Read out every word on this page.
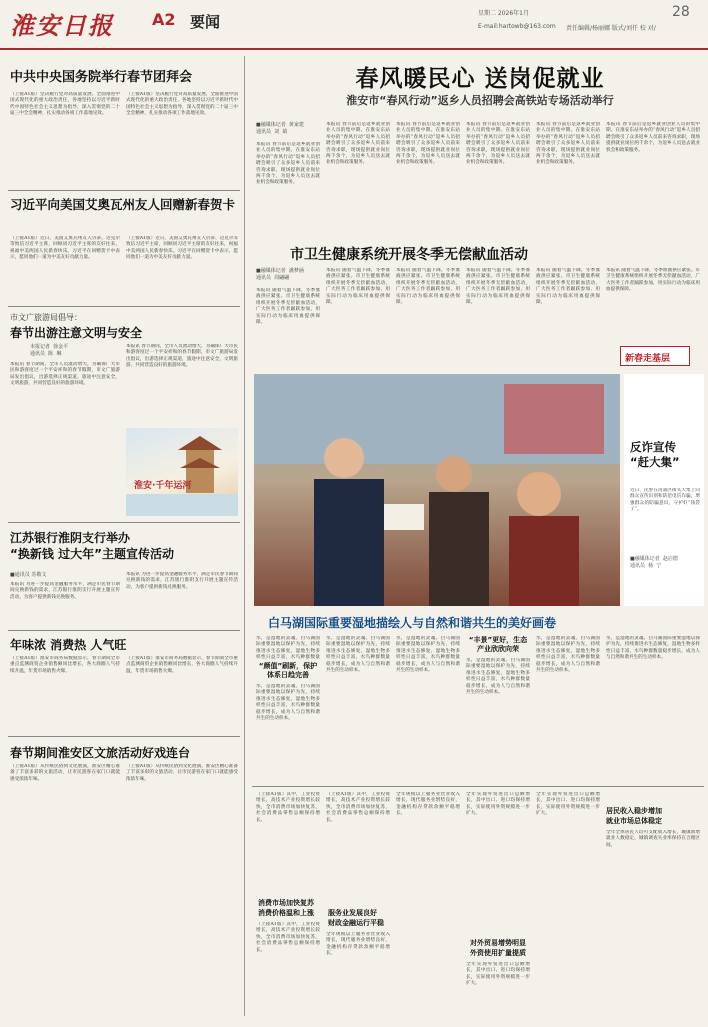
淮安日报 A2 要闻	星期二 2026年1月	28
E-mail:hartowb@163.com 责任编辑/杨丽娜 版式/刘仟 校 对/
中共中央国务院举行春节团拜会
（上接A1版）坚决履行党对高质量发展、全面推进中国式现代化的重大政治责任，各地坚持以习近平新时代中国特色社会主义思想为指导，深入贯彻党的二十届三中全会精神，扎实推动各项工作落地见效。
（上接A1版）坚决履行党对高质量发展、全面推进中国式现代化的重大政治责任，各地坚持以习近平新时代中国特色社会主义思想为指导，深入贯彻党的二十届三中全会精神，扎实推动各项工作落地见效。
习近平向美国艾奥瓦州友人回赠新春贺卡
（上接A1版）近日，美国艾奥瓦州友人贝蒂、迈克尔等致信习近平主席，回顾同习近平主席的友好往来，祝福中美两国人民新春快乐。习近平在回赠贺卡中表示，愿同他们一道为中美友好贡献力量。
（上接A1版）近日，美国艾奥瓦州友人贝蒂、迈克尔等致信习近平主席，回顾同习近平主席的友好往来，祝福中美两国人民新春快乐。习近平在回赠贺卡中表示，愿同他们一道为中美友好贡献力量。
市文广旅游局倡导：
春节出游注意文明与安全
本报记者  徐金平
通讯员  陈  琳
本报讯 春节期间，全市人员流动增大，为确保广大市民和游客度过一个平安祥和的春节假期，市文广旅游局发出倡议，出游选择正规渠道，旅途中注意安全，文明旅游，共同营造良好的旅游环境。
本报讯 春节期间，全市人员流动增大，为确保广大市民和游客度过一个平安祥和的春节假期，市文广旅游局发出倡议，出游选择正规渠道，旅途中注意安全，文明旅游，共同营造良好的旅游环境。
淮安·千年运河
江苏银行淮阴支行举办
“换新钱 过大年”主题宣传活动
■通讯员 苏敬文
本报讯 为进一步提高金融服务水平，满足市民春节期间兑换新钱的需求，江苏银行淮阴支行开展主题宣传活动，为客户提供新钱兑换服务。
本报讯 为进一步提高金融服务水平，满足市民春节期间兑换新钱的需求，江苏银行淮阴支行开展主题宣传活动，为客户提供新钱兑换服务。
年味浓 消费热 人气旺
（上接A1版）淮安市商务局数据显示，春节期间全市重点监测商贸企业销售额同比增长，各大商圈人气持续升温，年货市场销售火爆。
（上接A1版）淮安市商务局数据显示，春节期间全市重点监测商贸企业销售额同比增长，各大商圈人气持续升温，年货市场销售火爆。
春节期间淮安区文旅活动好戏连台
（上接A1版）从传统民俗到文化展演，淮安区精心准备了丰富多彩的文旅活动，让市民游客在家门口就能感受浓浓年味。
（上接A1版）从传统民俗到文化展演，淮安区精心准备了丰富多彩的文旅活动，让市民游客在家门口就能感受浓浓年味。
春风暖民心 送岗促就业
淮安市“春风行动”返乡人员招聘会高铁站专场活动举行
■融媒体记者  黄家建
通讯员  刘  婧
本报讯 春节前后是返乡就业创业人员的集中期。在淮安东站举办的“春风行动”返乡人员招聘会吸引了众多返乡人员前来咨询求职，现场提供就业岗位两千余个，为返乡人员送去就业机会和政策服务。
本报讯 春节前后是返乡就业创业人员的集中期。在淮安东站举办的“春风行动”返乡人员招聘会吸引了众多返乡人员前来咨询求职，现场提供就业岗位两千余个，为返乡人员送去就业机会和政策服务。
本报讯 春节前后是返乡就业创业人员的集中期。在淮安东站举办的“春风行动”返乡人员招聘会吸引了众多返乡人员前来咨询求职，现场提供就业岗位两千余个，为返乡人员送去就业机会和政策服务。
本报讯 春节前后是返乡就业创业人员的集中期。在淮安东站举办的“春风行动”返乡人员招聘会吸引了众多返乡人员前来咨询求职，现场提供就业岗位两千余个，为返乡人员送去就业机会和政策服务。
本报讯 春节前后是返乡就业创业人员的集中期。在淮安东站举办的“春风行动”返乡人员招聘会吸引了众多返乡人员前来咨询求职，现场提供就业岗位两千余个，为返乡人员送去就业机会和政策服务。
本报讯 春节前后是返乡就业创业人员的集中期。在淮安东站举办的“春风行动”返乡人员招聘会吸引了众多返乡人员前来咨询求职，现场提供就业岗位两千余个，为返乡人员送去就业机会和政策服务。
市卫生健康系统开展冬季无偿献血活动
■融媒体记者  潘梦涵
通讯员  周翩翩
本报讯 随着气温下降，冬季血液供应紧张。市卫生健康系统组织开展冬季无偿献血活动，广大医务工作者踊跃参加，用实际行动为临床用血提供保障。
本报讯 随着气温下降，冬季血液供应紧张。市卫生健康系统组织开展冬季无偿献血活动，广大医务工作者踊跃参加，用实际行动为临床用血提供保障。
本报讯 随着气温下降，冬季血液供应紧张。市卫生健康系统组织开展冬季无偿献血活动，广大医务工作者踊跃参加，用实际行动为临床用血提供保障。
本报讯 随着气温下降，冬季血液供应紧张。市卫生健康系统组织开展冬季无偿献血活动，广大医务工作者踊跃参加，用实际行动为临床用血提供保障。
本报讯 随着气温下降，冬季血液供应紧张。市卫生健康系统组织开展冬季无偿献血活动，广大医务工作者踊跃参加，用实际行动为临床用血提供保障。
本报讯 随着气温下降，冬季血液供应紧张。市卫生健康系统组织开展冬季无偿献血活动，广大医务工作者踊跃参加，用实际行动为临床用血提供保障。
新春走基层
反诈宣传
“赶大集”
近日，民警在清浦区街头大集上向群众宣传识别和防范电信诈骗，增强群众的防骗意识，守护好“钱袋子”。
■融媒体记者  赵启德
通讯员  杨  宁
白马湖国际重要湿地描绘人与自然和谐共生的美好画卷
水，是湿地的灵魂。白马湖国际重要湿地以保护为先，持续推进水生态修复，湿地生物多样性日益丰富，水鸟种群数量
“颜值”刷新，保护体系日趋完善
水，是湿地的灵魂。白马湖国际重要湿地以保护为先，持续推进水生态修复，湿地生物多样性日益丰富，水鸟种群数量稳步增长，成为人与自然和谐共生的生动样本。
水，是湿地的灵魂。白马湖国际重要湿地以保护为先，持续推进水生态修复，湿地生物多样性日益丰富，水鸟种群数量稳步增长，成为人与自然和谐共生的生动样本。
水，是湿地的灵魂。白马湖国际重要湿地以保护为先，持续推进水生态修复，湿地生物多样性日益丰富，水鸟种群数量稳步增长，成为人与自然和谐共生的生动样本。
“丰景”更好，生态产业欣欣向荣
水，是湿地的灵魂。白马湖国际重要湿地以保护为先，持续推进水生态修复，湿地生物多样性日益丰富，水鸟种群数量稳步增长，成为人与自然和谐共生的生动样本。
水，是湿地的灵魂。白马湖国际重要湿地以保护为先，持续推进水生态修复，湿地生物多样性日益丰富，水鸟种群数量稳步增长，成为人与自然和谐共生的生动样本。
水，是湿地的灵魂。白马湖国际重要湿地以保护为先，持续推进水生态修复，湿地生物多样性日益丰富，水鸟种群数量稳步增长，成为人与自然和谐共生的生动样本。
（上接A1版）其中，工业投资增长，高技术产业投资增长较快，全市消费市场加快复苏，社会消费品零售总额保持增长。
消费市场加快复苏
消费价格温和上涨
（上接A1版）其中，工业投资增长，高技术产业投资增长较快，全市消费市场加快复苏，社会消费品零售总额保持增长。
（上接A1版）其中，工业投资增长，高技术产业投资增长较快，全市消费市场加快复苏，社会消费品零售总额保持增长。
服务业发展良好
财政金融运行平稳
全年规模以上服务业营业收入增长，现代服务业增势良好，金融机构存贷款余额平稳增长。
全年规模以上服务业营业收入增长，现代服务业增势良好，金融机构存贷款余额平稳增长。
全年实现外贸进出口总额增长，其中出口、进口均保持增长，实际使用外资规模进一步扩大。
对外贸易增势明显
外资使用扩量提质
全年实现外贸进出口总额增长，其中出口、进口均保持增长，实际使用外资规模进一步扩大。
全年实现外贸进出口总额增长，其中出口、进口均保持增长，实际使用外资规模进一步扩大。	居民收入稳步增加
就业市场总体稳定
全年全体居民人均可支配收入增长，城镇新增就业人数稳定，城镇调查失业率保持在合理区间。
